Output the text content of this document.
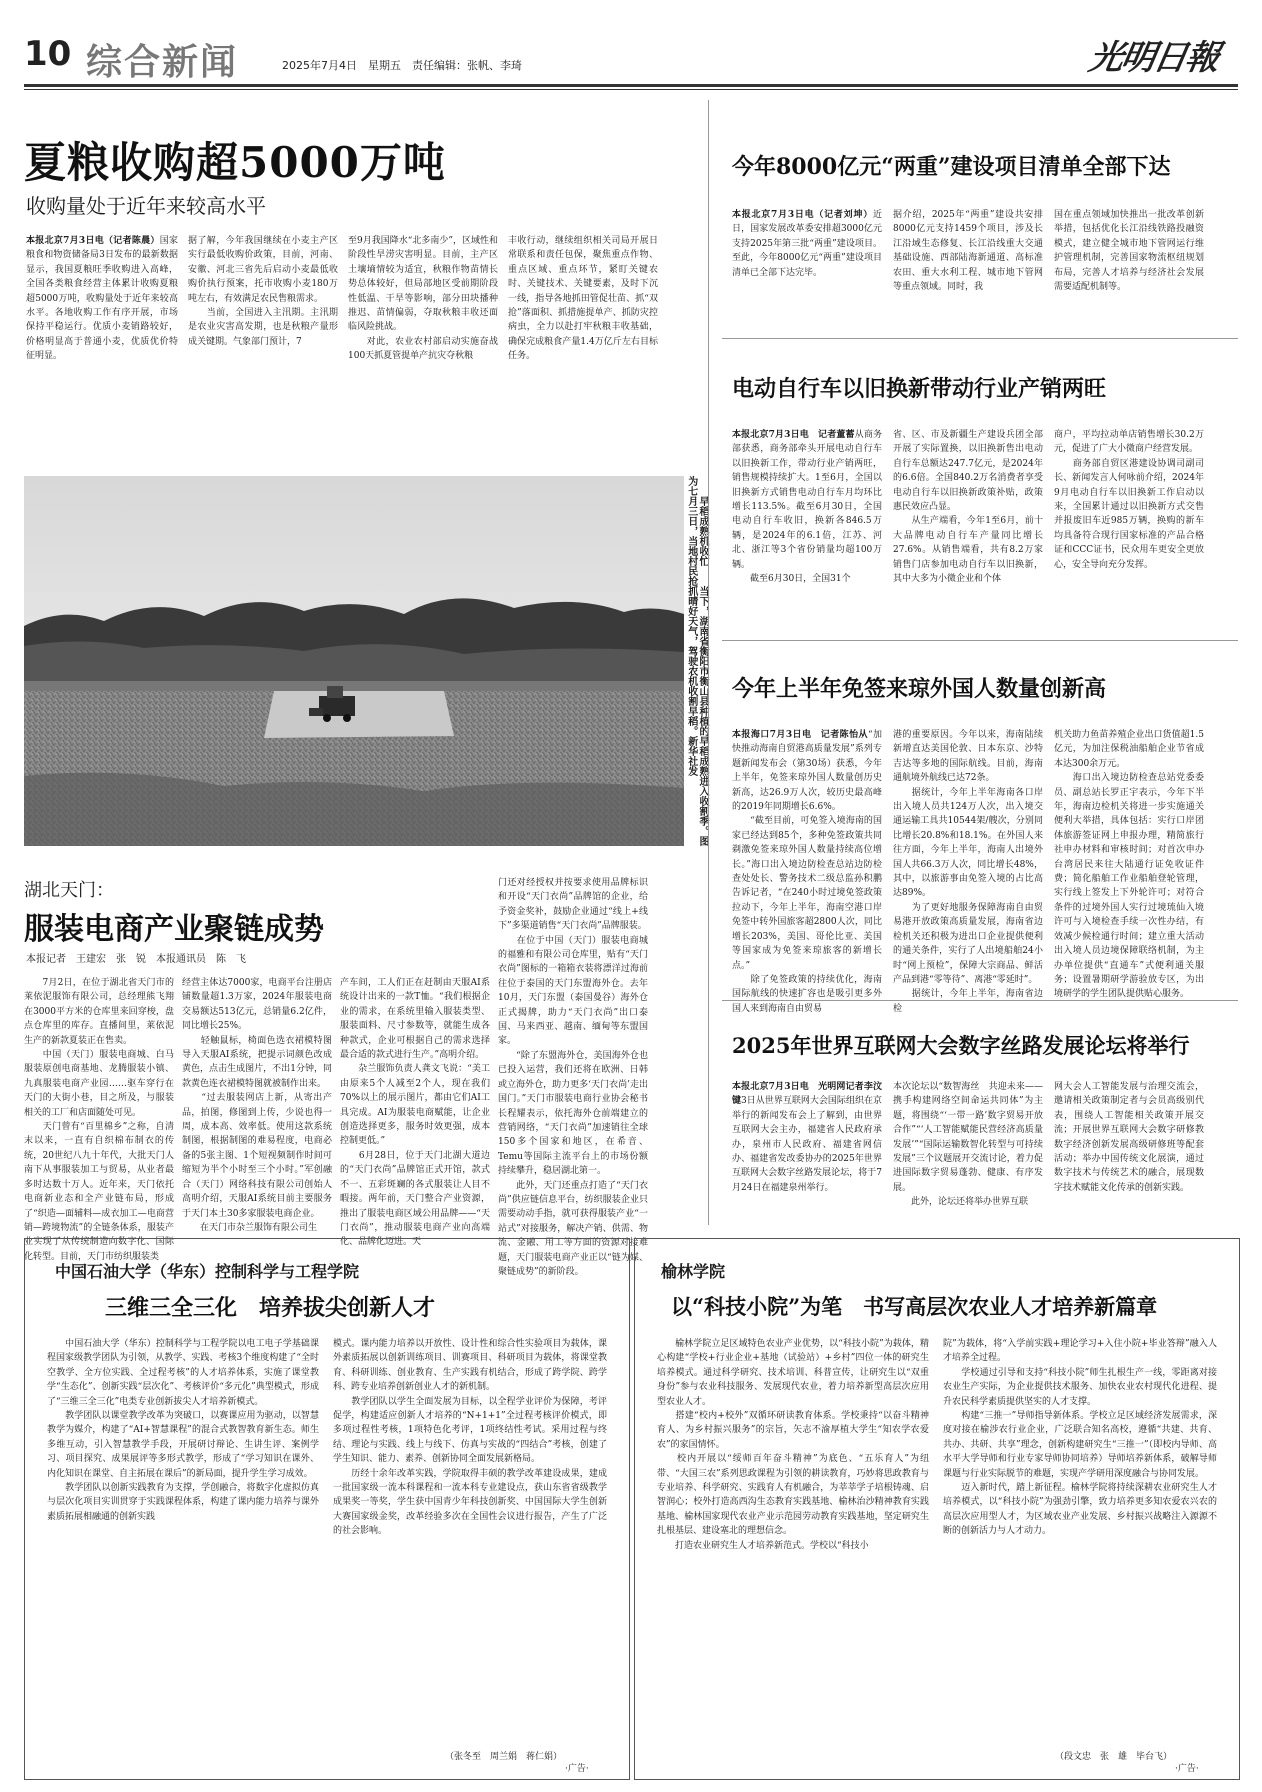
10 综合新闻	2025年7月4日　星期五　责任编辑：张帆、李琦	光明日報
夏粮收购超5000万吨
收购量处于近年来较高水平
本报北京7月3日电（记者陈晨）国家粮食和物资储备局3日发布的最新数据显示，我国夏粮旺季收购进入高峰，全国各类粮食经营主体累计收购夏粮超5000万吨，收购量处于近年来较高水平。各地收购工作有序开展，市场保持平稳运行。优质小麦销路较好，价格明显高于普通小麦，优质优价特征明显。
据了解，今年我国继续在小麦主产区实行最低收购价政策，目前，河南、安徽、河北三省先后启动小麦最低收购价执行预案，托市收购小麦180万吨左右，有效满足农民售粮需求。
　　当前，全国进入主汛期。主汛期是农业灾害高发期，也是秋粮产量形成关键期。气象部门预计，7
至9月我国降水“北多南少”，区域性和阶段性旱涝灾害明显。目前，主产区土壤墒情较为适宜，秋粮作物苗情长势总体较好，但局部地区受前期阶段性低温、干旱等影响，部分田块播种推迟、苗情偏弱，夺取秋粮丰收还面临风险挑战。
　　对此，农业农村部启动实施奋战100天抓夏管提单产抗灾夺秋粮
丰收行动，继续组织相关司局开展日常联系和责任包保，聚焦重点作物、重点区域、重点环节，紧盯关键农时、关键技术、关键要素，及时下沉一线，指导各地抓田管促壮苗、抓“双抢”落面积、抓措施提单产、抓防灾控病虫，全力以赴打牢秋粮丰收基础，确保完成粮食产量1.4万亿斤左右目标任务。
　　早稻成熟机收忙　　当下，湖南省衡阳市衡山县种植的早稻成熟进入收割季。图为七月三日，当地村民抢抓晴好天气，驾驶农机收割早稻。新华社发
湖北天门：
服装电商产业聚链成势
本报记者　王建宏　张　锐　本报通讯员　陈　飞
　　7月2日，在位于湖北省天门市的莱依泥服饰有限公司，总经理熊飞翔在3000平方米的仓库里来回穿梭，盘点仓库里的库存。直播间里，莱依泥生产的新款夏装正在售卖。
　　中国（天门）服装电商城、白马服装原创电商基地、龙腾服装小镇、九真服装电商产业园……驱车穿行在天门的大街小巷，目之所及，与服装相关的工厂和店面随处可见。
　　天门曾有“百里棉乡”之称，自清末以来，一直有自织棉布制衣的传统，20世纪八九十年代，大批天门人南下从事服装加工与贸易，从业者最多时达数十万人。近年来，天门依托电商新业态和全产业链布局，形成了“织造—面辅料—成衣加工—电商营销—跨境物流”的全链条体系，服装产业实现了从传统制造向数字化、国际化转型。目前，天门市纺织服装类
经营主体达7000家，电商平台注册店铺数量超1.3万家，2024年服装电商交易额达513亿元，总销量6.2亿件，同比增长25%。
　　轻触鼠标，椅面色选衣裙模特图导入天服AI系统，把提示词颜色改成黄色，点击生成图片，不出1分钟，同款黄色连衣裙模特图就被制作出来。
　　“过去服装网店上新，从寄出产品，拍图，修图到上传，少说也得一周，成本高、效率低。使用这款系统制图，根据制图的难易程度，电商必备的5张主图、1个短视频制作时间可缩短为半个小时至三个小时。”军创融合（天门）网络科技有限公司创始人高明介绍，天服AI系统目前主要服务于天门本土30多家服装电商企业。
　　在天门市杂兰服饰有限公司生
产车间，工人们正在赶制由天服AI系统设计出来的一款T恤。“我们根据企业的需求，在系统里输入服装类型、服装面料、尺寸参数等，就能生成各种款式，企业可根据自己的需求选择最合适的款式进行生产。”高明介绍。
　　杂兰服饰负责人龚文飞说：“美工由原来5个人减至2个人，现在我们70%以上的展示图片，都由它们AI工具完成。AI为服装电商赋能，让企业创造选择更多，服务时效更强，成本控制更低。”
　　6月28日，位于天门北湖大道边的“天门衣尚”品牌馆正式开馆，款式不一、五彩斑斓的各式服装让人目不暇接。两年前，天门整合产业资源，推出了服装电商区域公用品牌——“天门衣尚”，推动服装电商产业向高端化、品牌化迈进。天
门还对经授权并按要求使用品牌标识和开设“天门衣尚”品牌馆的企业，给予资金奖补，鼓励企业通过“线上+线下”多渠道销售“天门衣尚”品牌服装。
　　在位于中国（天门）服装电商城的福雅和有限公司仓库里，贴有“天门衣尚”图标的一箱箱衣装将漂洋过海前往位于泰国的天门东盟海外仓。去年10月，天门东盟（泰国曼谷）海外仓正式揭牌，助力“天门衣尚”出口泰国、马来西亚、越南、缅甸等东盟国家。
　　“除了东盟海外仓，美国海外仓也已投入运营，我们还将在欧洲、日韩或立海外仓，助力更多‘天门衣尚’走出国门。”天门市服装电商行业协会秘书长程耀表示，依托海外仓前端建立的营销网络，“天门衣尚”加速销往全球150多个国家和地区，在希音、Temu等国际主流平台上的市场份额持续攀升，稳居湖北第一。
　　此外，天门还重点打造了“天门衣尚”供应链信息平台，纺织服装企业只需要动动手指，就可获得服装产业“一站式”对接服务，解决产销、供需、物流、金融、用工等方面的资源对接难题，天门服装电商产业正以“链为媒、聚链成势”的新阶段。
今年8000亿元“两重”建设项目清单全部下达
本报北京7月3日电（记者刘坤）近日，国家发展改革委安排超3000亿元支持2025年第三批“两重”建设项目。至此，今年8000亿元“两重”建设项目清单已全部下达完毕。
据介绍，2025年“两重”建设共安排8000亿元支持1459个项目，涉及长江沿域生态修复、长江沿线重大交通基础设施、西部陆海新通道、高标准农田、重大水利工程、城市地下管网等重点领域。同时，我
国在重点领域加快推出一批改革创新举措，包括优化长江沿线铁路投融资模式，建立健全城市地下管网运行维护管理机制，完善国家物流枢纽规划布局，完善人才培养与经济社会发展需要适配机制等。
电动自行车以旧换新带动行业产销两旺
本报北京7月3日电　记者董蓄从商务部获悉，商务部牵头开展电动自行车以旧换新工作，带动行业产销两旺，销售规模持续扩大。1至6月，全国以旧换新方式销售电动自行车月均环比增长113.5%。截至6月30日，全国电动自行车收旧，换新各846.5万辆，是2024年的6.1倍，江苏、河北、浙江等3个省份销量均超100万辆。
　　截至6月30日，全国31个
省、区、市及新疆生产建设兵团全部开展了实际置换，以旧换新售出电动自行车总额达247.7亿元，是2024年的6.6倍。全国840.2万名消费者享受电动自行车以旧换新政策补贴，政策惠民效应凸显。
　　从生产端看，今年1至6月，前十大品牌电动自行车产量同比增长27.6%。从销售端看，共有8.2万家销售门店参加电动自行车以旧换新，其中大多为小微企业和个体
商户，平均拉动单店销售增长30.2万元，促进了广大小微商户经营发展。
　　商务部自贸区港建设协调司副司长、新闻发言人何咏前介绍，2024年9月电动自行车以旧换新工作启动以来，全国累计通过以旧换新方式交售并报废旧车近985万辆，换购的新车均具备符合现行国家标准的产品合格证和CCC证书，民众用车更安全更放心，安全导向充分发挥。
今年上半年免签来琼外国人数量创新高
本报海口7月3日电　记者陈怡从“加快推动海南自贸港高质量发展”系列专题新闻发布会（第30场）获悉，今年上半年，免签来琼外国人数量创历史新高，达26.9万人次，较历史最高峰的2019年同期增长6.6%。
　　“截至目前，可免签入境海南的国家已经达到85个，多种免签政策共同剃激免签来琼外国人数量持续高位增长。”海口出入境边防检查总站边防检查处处长、警务技术二级总监孙积鹏告诉记者，“在240小时过境免签政策拉动下，今年上半年，海南空港口岸免签中转外国旅客超2800人次，同比增长203%，美国、哥伦比亚、美国等国家成为免签来琼旅客的新增长点。”
　　除了免签政策的持续优化，海南国际航线的快速扩容也是吸引更多外国人来到海南自由贸易
港的重要原因。今年以来，海南陆续新增直达美国伦敦、日本东京、沙特吉达等多地的国际航线。目前，海南通航境外航线已达72条。
　　据统计，今年上半年海南各口岸出入境人员共124万人次，出入境交通运输工具共10544架/艘次，分别同比增长20.8%和18.1%。在外国人来往方面，今年上半年，海南人出境外国人共66.3万人次，同比增长48%，其中，以旅游事由免签入境的占比高达89%。
　　为了更好地服务保障海南自由贸易港开放政策高质量发展，海南省边检机关还积极为进出口企业提供便利的通关条件，实行了人出境船舶24小时“网上预检”，保障大宗商品、鲜活产品到港“零等待”、离港“零延时”。
　　据统计，今年上半年，海南省边检
机关助力鱼苗养殖企业出口货值超1.5亿元，为加注保税油船舶企业节省成本达300余万元。
　　海口出入境边防检查总站党委委员、副总站长罗正宇表示，今年下半年，海南边检机关将进一步实施通关便利大举措，具体包括：实行口岸团体旅游签证网上申报办理，精简旅行社申办材料和审核时间；对首次申办台湾居民来往大陆通行证免收证件费；简化船舶工作业船舶登轮管理，实行线上签发上下外轮许可；对符合条件的过境外国人实行过境琉仙入境许可与入境检查手续一次性办结，有效减少候检通行时间；建立重大活动出入境人员边境保障联络机制，为主办单位提供“直通车”式便利通关服务；设置暑期研学游验放专区，为出境研学的学生团队提供贴心服务。
2025年世界互联网大会数字丝路发展论坛将举行
本报北京7月3日电　光明网记者李汶键3日从世界互联网大会国际组织在京举行的新闻发布会上了解到，由世界互联网大会主办，福建省人民政府承办，泉州市人民政府、福建省网信办、福建省发改委协办的2025年世界互联网大会数字丝路发展论坛，将于7月24日在福建泉州举行。
本次论坛以“数智海丝　共迎未来——携手构建网络空间命运共同体”为主题，将围绕“‘一带一路’数字贸易开放合作”“‘人工智能赋能民营经济高质量发展’”“国际运输数智化转型与可持续发展”三个议题展开交流讨论，着力促进国际数字贸易蓬勃、健康、有序发展。
　　此外，论坛还将举办世界互联
网大会人工智能发展与治理交流会，邀请相关政策制定者与会员高级别代表，围绕人工智能相关政策开展交流；开展世界互联网大会数字研修教数字经济创新发展高级研修班等配套活动；举办中国传统文化展演，通过数字技术与传统艺术的融合，展现数字技术赋能文化传承的创新实践。
中国石油大学（华东）控制科学与工程学院
三维三全三化　培养拔尖创新人才
　　中国石油大学（华东）控制科学与工程学院以电工电子学基础课程国家级教学团队为引领，从教学、实践、考核3个维度构建了“全时空教学、全方位实践、全过程考核”的人才培养体系，实施了课堂教学“生态化”、创新实践“层次化”、考核评价“多元化”典型模式，形成了“三维三全三化”电类专业创新拔尖人才培养新模式。
　　教学团队以课堂教学改革为突破口，以赛课应用为驱动，以智慧教学为媒介，构建了“AI+智慧课程”的混合式教智教育新生态。师生多维互动，引入智慧教学手段，开展研讨辩论、生讲生评、案例学习、项目探究、成果展评等多形式教学，形成了“学习知识在课外、内化知识在课堂、自主拓展在课后”的新局面，提升学生学习成效。
　　教学团队以创新实践教育为支撑，学创融合，将数字化虚拟仿真与层次化项目实训贯穿于实践课程体系，构建了课内能力培养与课外素质拓展相融通的创新实践
模式。课内能力培养以开放性、设计性和综合性实验项目为载体，课外素质拓展以创新训练项目、训赛项目、科研项目为载体，将课堂教育、科研训练、创业教育、生产实践有机结合，形成了跨学院、跨学科、跨专业培养创新创业人才的新机制。
　　教学团队以学生全面发展为目标，以全程学业评价为保障，考评促学，构建适应创新人才培养的“N+1+1”全过程考核评价模式，即多项过程性考核，1项特色化考评，1项终结性考试。采用过程与终结、理论与实践、线上与线下、仿真与实战的“四结合”考核，创建了学生知识、能力、素养、创新协同全面发展新格局。
　　历经十余年改革实践，学院取得丰硕的教学改革建设成果，建成一批国家级一流本科课程和一流本科专业建设点，获山东省省级教学成果奖一等奖，学生获中国青少年科技创新奖、中国国际大学生创新大赛国家级金奖，改革经验多次在全国性会议进行报告，产生了广泛的社会影响。
（张冬至　周兰娟　蒋仁娟）
·广告·
榆林学院
以“科技小院”为笔　书写高层次农业人才培养新篇章
　　榆林学院立足区域特色农业产业优势，以“科技小院”为载体，精心构建“学校+行业企业+基地（试验站）+乡村”四位一体的研究生培养模式。通过科学研究、技术培训、科普宣传，让研究生以“双重身份”参与农业科技服务、发展现代农业，着力培养新型高层次应用型农业人才。
　　搭建“校内+校外”双循环研读教育体系。学校秉持“以奋斗精神育人、为乡村振兴服务”的宗旨，矢志不渝厚植大学生“知农学农爱农”的家国情怀。
　　校内开展以“绥师百年奋斗精神”为底色、“五乐育人”为纽带、“大国三农”系列思政课程为引领的耕读教育，巧妙将思政教育与专业培养、科学研究、实践育人有机融合，为莘莘学子培根铸魂、启智润心；校外打造高西沟生态教育实践基地、榆林治沙精神教育实践基地、榆林国家现代农业产业示范园劳动教育实践基地，坚定研究生扎根基层、建设塞北的理想信念。
　　打造农业研究生人才培养新范式。学校以“科技小
院”为载体，将“入学前实践+理论学习+入住小院+毕业答辩”融入人才培养全过程。
　　学校通过引导和支持“科技小院”师生扎根生产一线，零距离对接农业生产实际，为企业提供技术服务、加快农业农村现代化进程、提升农民科学素质提供坚实的人才支撑。
　　构建“三推一”导师指导新体系。学校立足区域经济发展需求，深度对接在榆涉农行业企业，广泛联合知名高校，遵循“共建、共育、共办、共研、共享”理念，创新构建研究生“三推一”（即校内导师、高水平大学导师和行业专家导师协同培养）导师培养新体系，破解导师课题与行业实际脱节的难题，实现产学研用深度融合与协同发展。
　　迈入新时代，踏上新征程。榆林学院将持续深耕农业研究生人才培养模式，以“科技小院”为强劲引擎，致力培养更多知农爱农兴农的高层次应用型人才，为区域农业产业发展、乡村振兴战略注入源源不断的创新活力与人才动力。
（段文忠　张　雄　毕台飞）
·广告·
